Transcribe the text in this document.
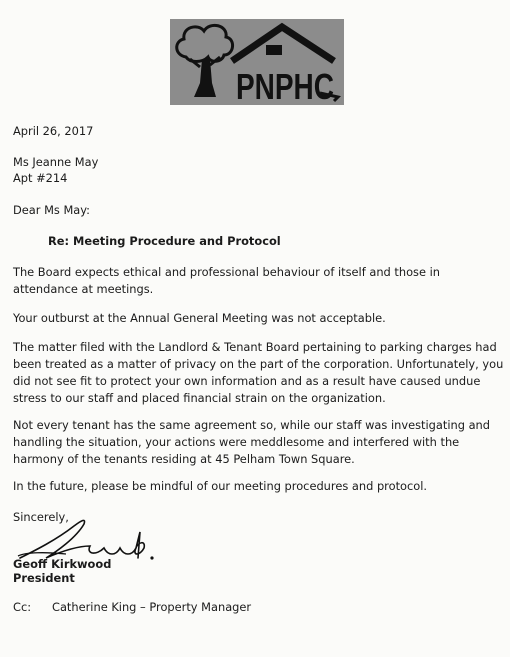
PNPHC

April 26, 2017

Ms Jeanne May

Apt #214

Dear Ms May:

Re: Meeting Procedure and Protocol

The Board expects ethical and professional behaviour of itself and those in attendance at meetings.

Your outburst at the Annual General Meeting was not acceptable.

The matter filed with the Landlord & Tenant Board pertaining to parking charges had been treated as a matter of privacy on the part of the corporation. Unfortunately, you did not see fit to protect your own information and as a result have caused undue stress to our staff and placed financial strain on the organization.

Not every tenant has the same agreement so, while our staff was investigating and handling the situation, your actions were meddlesome and interfered with the harmony of the tenants residing at 45 Pelham Town Square.

In the future, please be mindful of our meeting procedures and protocol.

Sincerely,

Geoff Kirkwood

President

Cc: Catherine King – Property Manager
